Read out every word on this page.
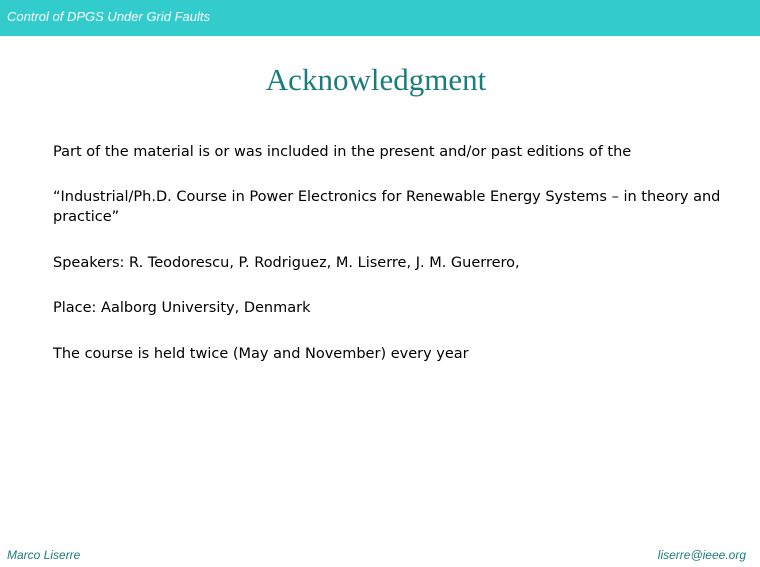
Control of DPGS Under Grid Faults
Acknowledgment
Part of the material is or was included in the present and/or past editions of the
“Industrial/Ph.D. Course in Power Electronics for Renewable Energy Systems – in theory and practice”
Speakers: R. Teodorescu, P. Rodriguez, M. Liserre, J. M. Guerrero,
Place: Aalborg University, Denmark
The course is held twice (May and November) every year
Marco Liserre	liserre@ieee.org
